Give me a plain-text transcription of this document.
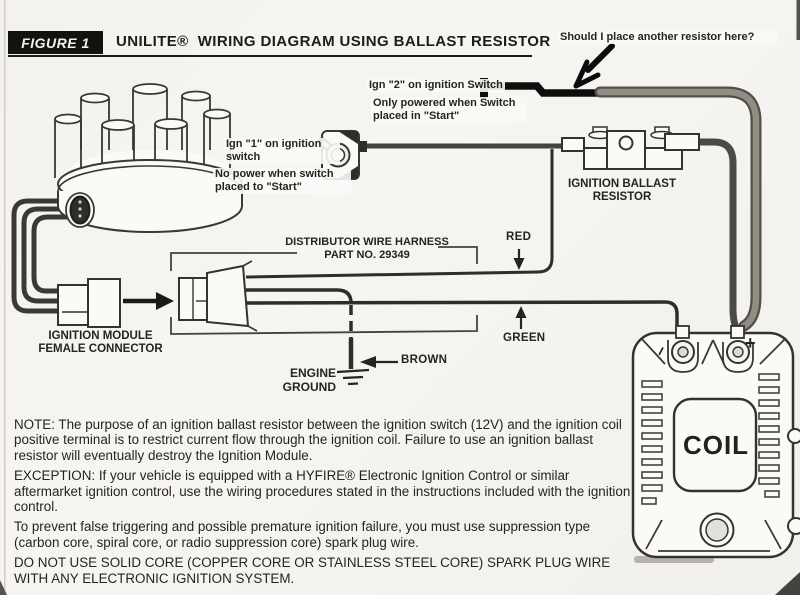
FIGURE 1	UNILITE®  WIRING DIAGRAM USING BALLAST RESISTOR Should I place another resistor here?
Ign "2" on ignition Switch
Only powered when Switch placed in "Start"
Ign "1" on ignition switch
No power when switch placed to "Start"	IGNITION BALLAST
RESISTOR
DISTRIBUTOR WIRE HARNESS
PART NO. 29349
IGNITION MODULE
FEMALE CONNECTOR
RED
GREEN
BROWN
ENGINE
GROUND
COIL
+
–

NOTE: The purpose of an ignition ballast resistor between the ignition switch (12V) and the ignition coil positive terminal is to restrict current flow through the ignition coil. Failure to use an ignition ballast resistor will eventually destroy the Ignition Module.

EXCEPTION: If your vehicle is equipped with a HYFIRE® Electronic Ignition Control or similar aftermarket ignition control, use the wiring procedures stated in the instructions included with the ignition control.

To prevent false triggering and possible premature ignition failure, you must use suppression type (carbon core, spiral core, or radio suppression core) spark plug wire.

DO NOT USE SOLID CORE (COPPER CORE OR STAINLESS STEEL CORE) SPARK PLUG WIRE WITH ANY ELECTRONIC IGNITION SYSTEM.
